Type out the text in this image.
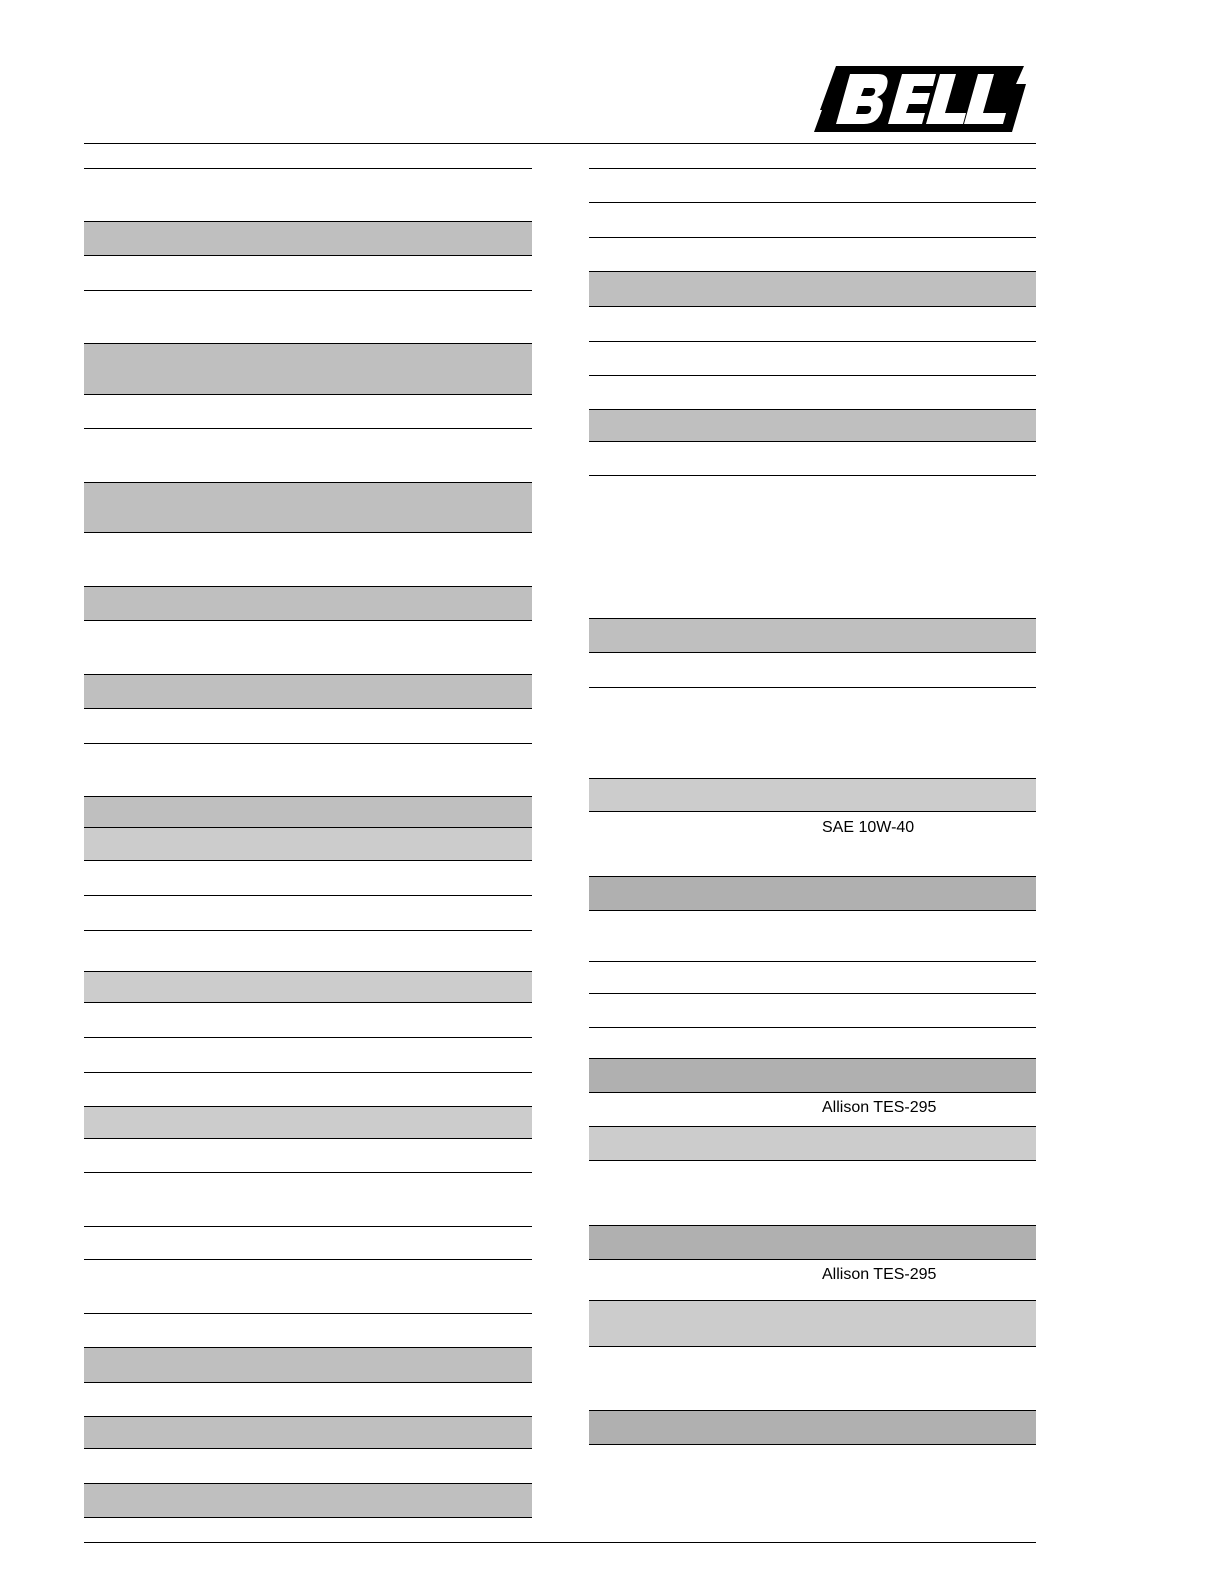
BELL
SAE 10W-40
Allison TES-295
Allison TES-295
